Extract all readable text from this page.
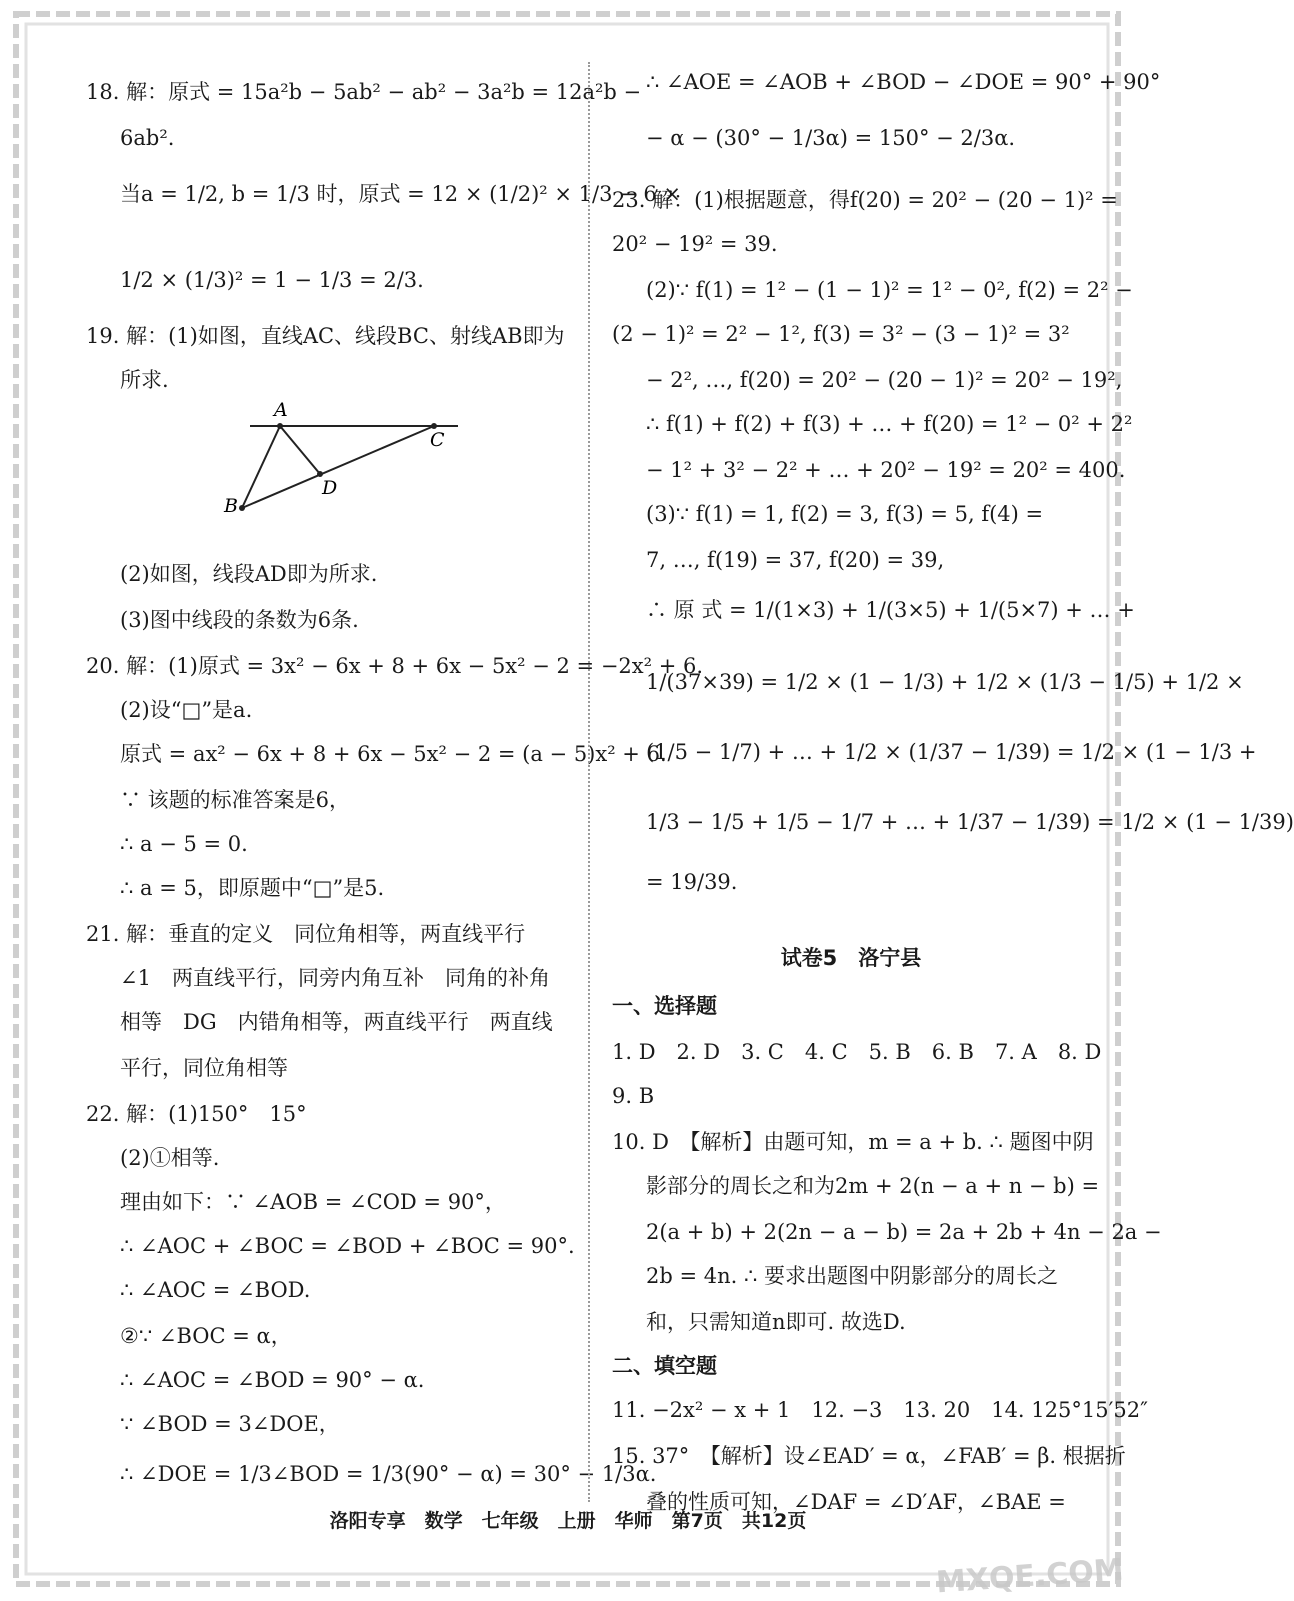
18. 解：原式 = 15a²b − 5ab² − ab² − 3a²b = 12a²b −
6ab².
当a = 1/2, b = 1/3 时，原式 = 12 × (1/2)² × 1/3 − 6 ×
1/2 × (1/3)² = 1 − 1/3 = 2/3.
19. 解：(1)如图，直线AC、线段BC、射线AB即为
所求.
(2)如图，线段AD即为所求.
(3)图中线段的条数为6条.
20. 解：(1)原式 = 3x² − 6x + 8 + 6x − 5x² − 2 = −2x² + 6.
(2)设“□”是a.
原式 = ax² − 6x + 8 + 6x − 5x² − 2 = (a − 5)x² + 6.
∵ 该题的标准答案是6，
∴ a − 5 = 0.
∴ a = 5，即原题中“□”是5.
21. 解：垂直的定义　同位角相等，两直线平行
∠1　两直线平行，同旁内角互补　同角的补角
相等　DG　内错角相等，两直线平行　两直线
平行，同位角相等
22. 解：(1)150°　15°
(2)①相等.
理由如下：∵ ∠AOB = ∠COD = 90°，
∴ ∠AOC + ∠BOC = ∠BOD + ∠BOC = 90°.
∴ ∠AOC = ∠BOD.
②∵ ∠BOC = α，
∴ ∠AOC = ∠BOD = 90° − α.
∵ ∠BOD = 3∠DOE，
∴ ∠DOE = 1/3∠BOD = 1/3(90° − α) = 30° − 1/3α.
∴ ∠AOE = ∠AOB + ∠BOD − ∠DOE = 90° + 90°
− α − (30° − 1/3α) = 150° − 2/3α.
23. 解：(1)根据题意，得f(20) = 20² − (20 − 1)² =
20² − 19² = 39.
(2)∵ f(1) = 1² − (1 − 1)² = 1² − 0², f(2) = 2² −
(2 − 1)² = 2² − 1², f(3) = 3² − (3 − 1)² = 3²
− 2², …, f(20) = 20² − (20 − 1)² = 20² − 19²,
∴ f(1) + f(2) + f(3) + … + f(20) = 1² − 0² + 2²
− 1² + 3² − 2² + … + 20² − 19² = 20² = 400.
(3)∵ f(1) = 1, f(2) = 3, f(3) = 5, f(4) =
7, …, f(19) = 37, f(20) = 39,
∴ 原 式 = 1/(1×3) + 1/(3×5) + 1/(5×7) + … +
1/(37×39) = 1/2 × (1 − 1/3) + 1/2 × (1/3 − 1/5) + 1/2 ×
(1/5 − 1/7) + … + 1/2 × (1/37 − 1/39) = 1/2 × (1 − 1/3 +
1/3 − 1/5 + 1/5 − 1/7 + … + 1/37 − 1/39) = 1/2 × (1 − 1/39)
= 19/39.
一、选择题
1. D　2. D　3. C　4. C　5. B　6. B　7. A　8. D
9. B
10. D　【解析】由题可知，m = a + b. ∴ 题图中阴
影部分的周长之和为2m + 2(n − a + n − b) =
2(a + b) + 2(2n − a − b) = 2a + 2b + 4n − 2a −
2b = 4n. ∴ 要求出题图中阴影部分的周长之
和，只需知道n即可. 故选D.
二、填空题
11. −2x² − x + 1　12. −3　13. 20　14. 125°15′52″
15. 37°　【解析】设∠EAD′ = α，∠FAB′ = β. 根据折
叠的性质可知，∠DAF = ∠D′AF，∠BAE =
试卷5　洛宁县
A
C
D
B
洛阳专享　数学　七年级　上册　华师　第7页　共12页
MXQE.COM
